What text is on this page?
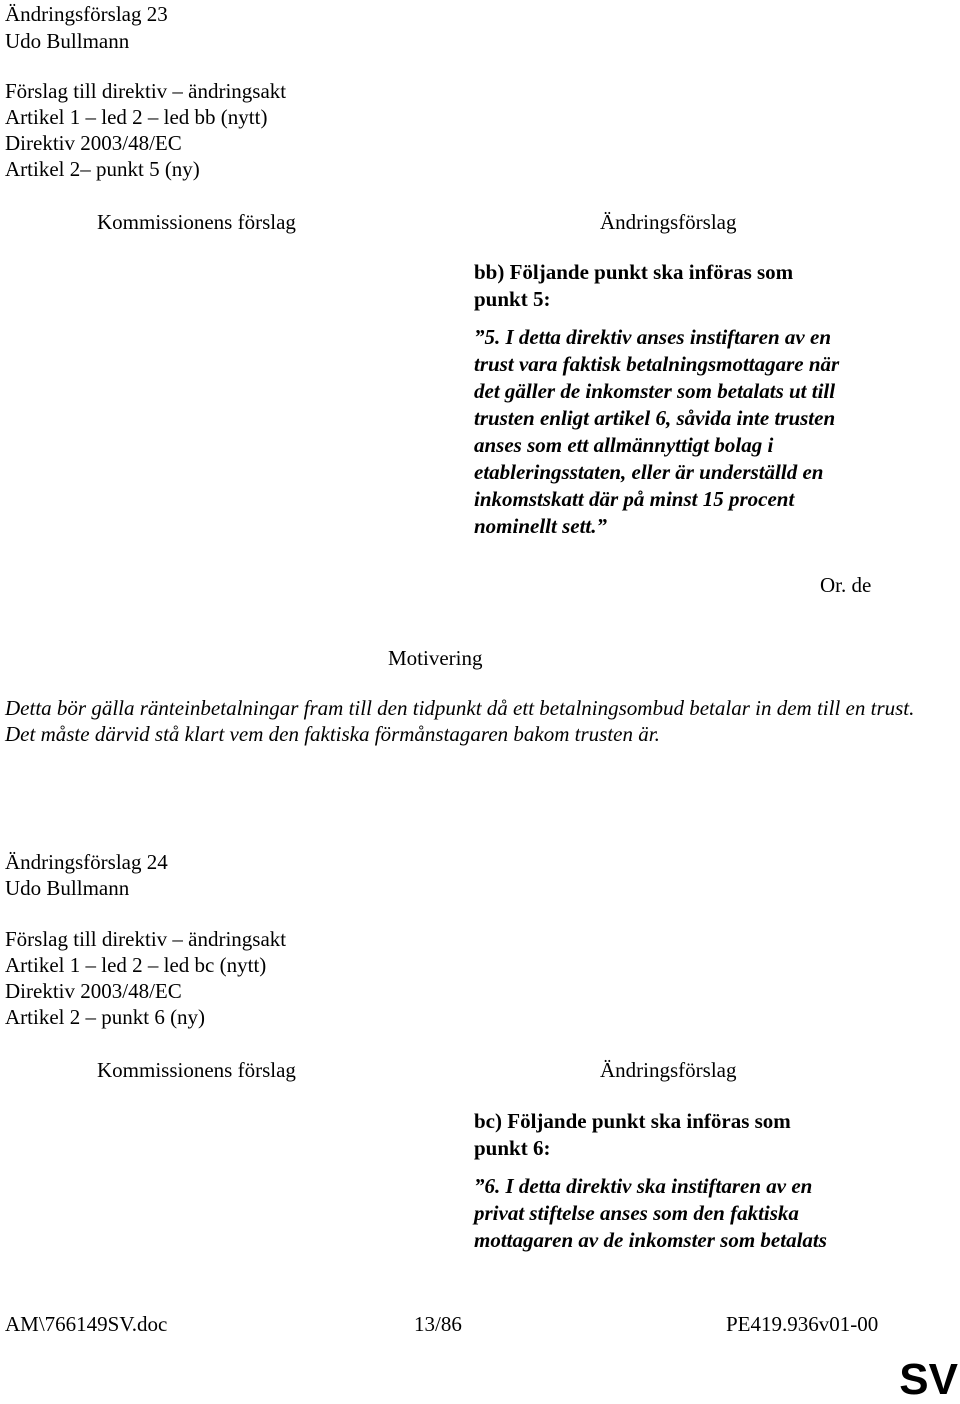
Ändringsförslag 23
Udo Bullmann
Förslag till direktiv – ändringsakt
Artikel 1 – led 2 – led bb (nytt)
Direktiv 2003/48/EC
Artikel 2– punkt 5 (ny)
Kommissionens förslag	Ändringsförslag
bb) Följande punkt ska införas som
punkt 5:
”5. I detta direktiv anses instiftaren av en
trust vara faktisk betalningsmottagare när
det gäller de inkomster som betalats ut till
trusten enligt artikel 6, såvida inte trusten
anses som ett allmännyttigt bolag i
etableringsstaten, eller är underställd en
inkomstskatt där på minst 15 procent
nominellt sett.”
Or. de
Motivering
Detta bör gälla ränteinbetalningar fram till den tidpunkt då ett betalningsombud betalar in dem till en trust. Det måste därvid stå klart vem den faktiska förmånstagaren bakom trusten är.
Ändringsförslag 24
Udo Bullmann
Förslag till direktiv – ändringsakt
Artikel 1 – led 2 – led bc (nytt)
Direktiv 2003/48/EC
Artikel 2 – punkt 6 (ny)
Kommissionens förslag	Ändringsförslag
bc) Följande punkt ska införas som
punkt 6:
”6. I detta direktiv ska instiftaren av en
privat stiftelse anses som den faktiska
mottagaren av de inkomster som betalats
AM\766149SV.doc	13/86	PE419.936v01-00
SV
